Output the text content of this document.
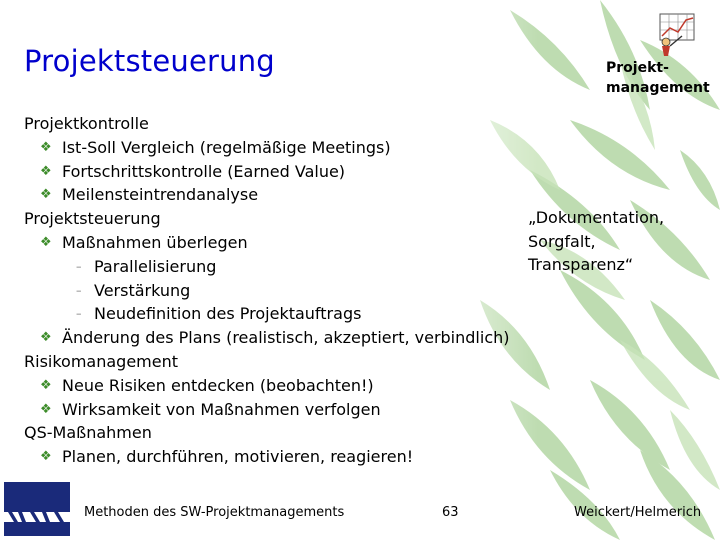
Projektsteuerung	Projekt-
management
Projektkontrolle
❖ Ist-Soll Vergleich (regelmäßige Meetings)
❖ Fortschrittskontrolle (Earned Value)
❖ Meilensteintrendanalyse
Projektsteuerung
❖ Maßnahmen überlegen
– Parallelisierung
– Verstärkung
– Neudefinition des Projektauftrags
❖ Änderung des Plans (realistisch, akzeptiert, verbindlich)
Risikomanagement
❖ Neue Risiken entdecken (beobachten!)
❖ Wirksamkeit von Maßnahmen verfolgen
QS-Maßnahmen
❖ Planen, durchführen, motivieren, reagieren!
„Dokumentation,
Sorgfalt,
Transparenz“
Methoden des SW-Projektmanagements	63	Weickert/Helmerich
